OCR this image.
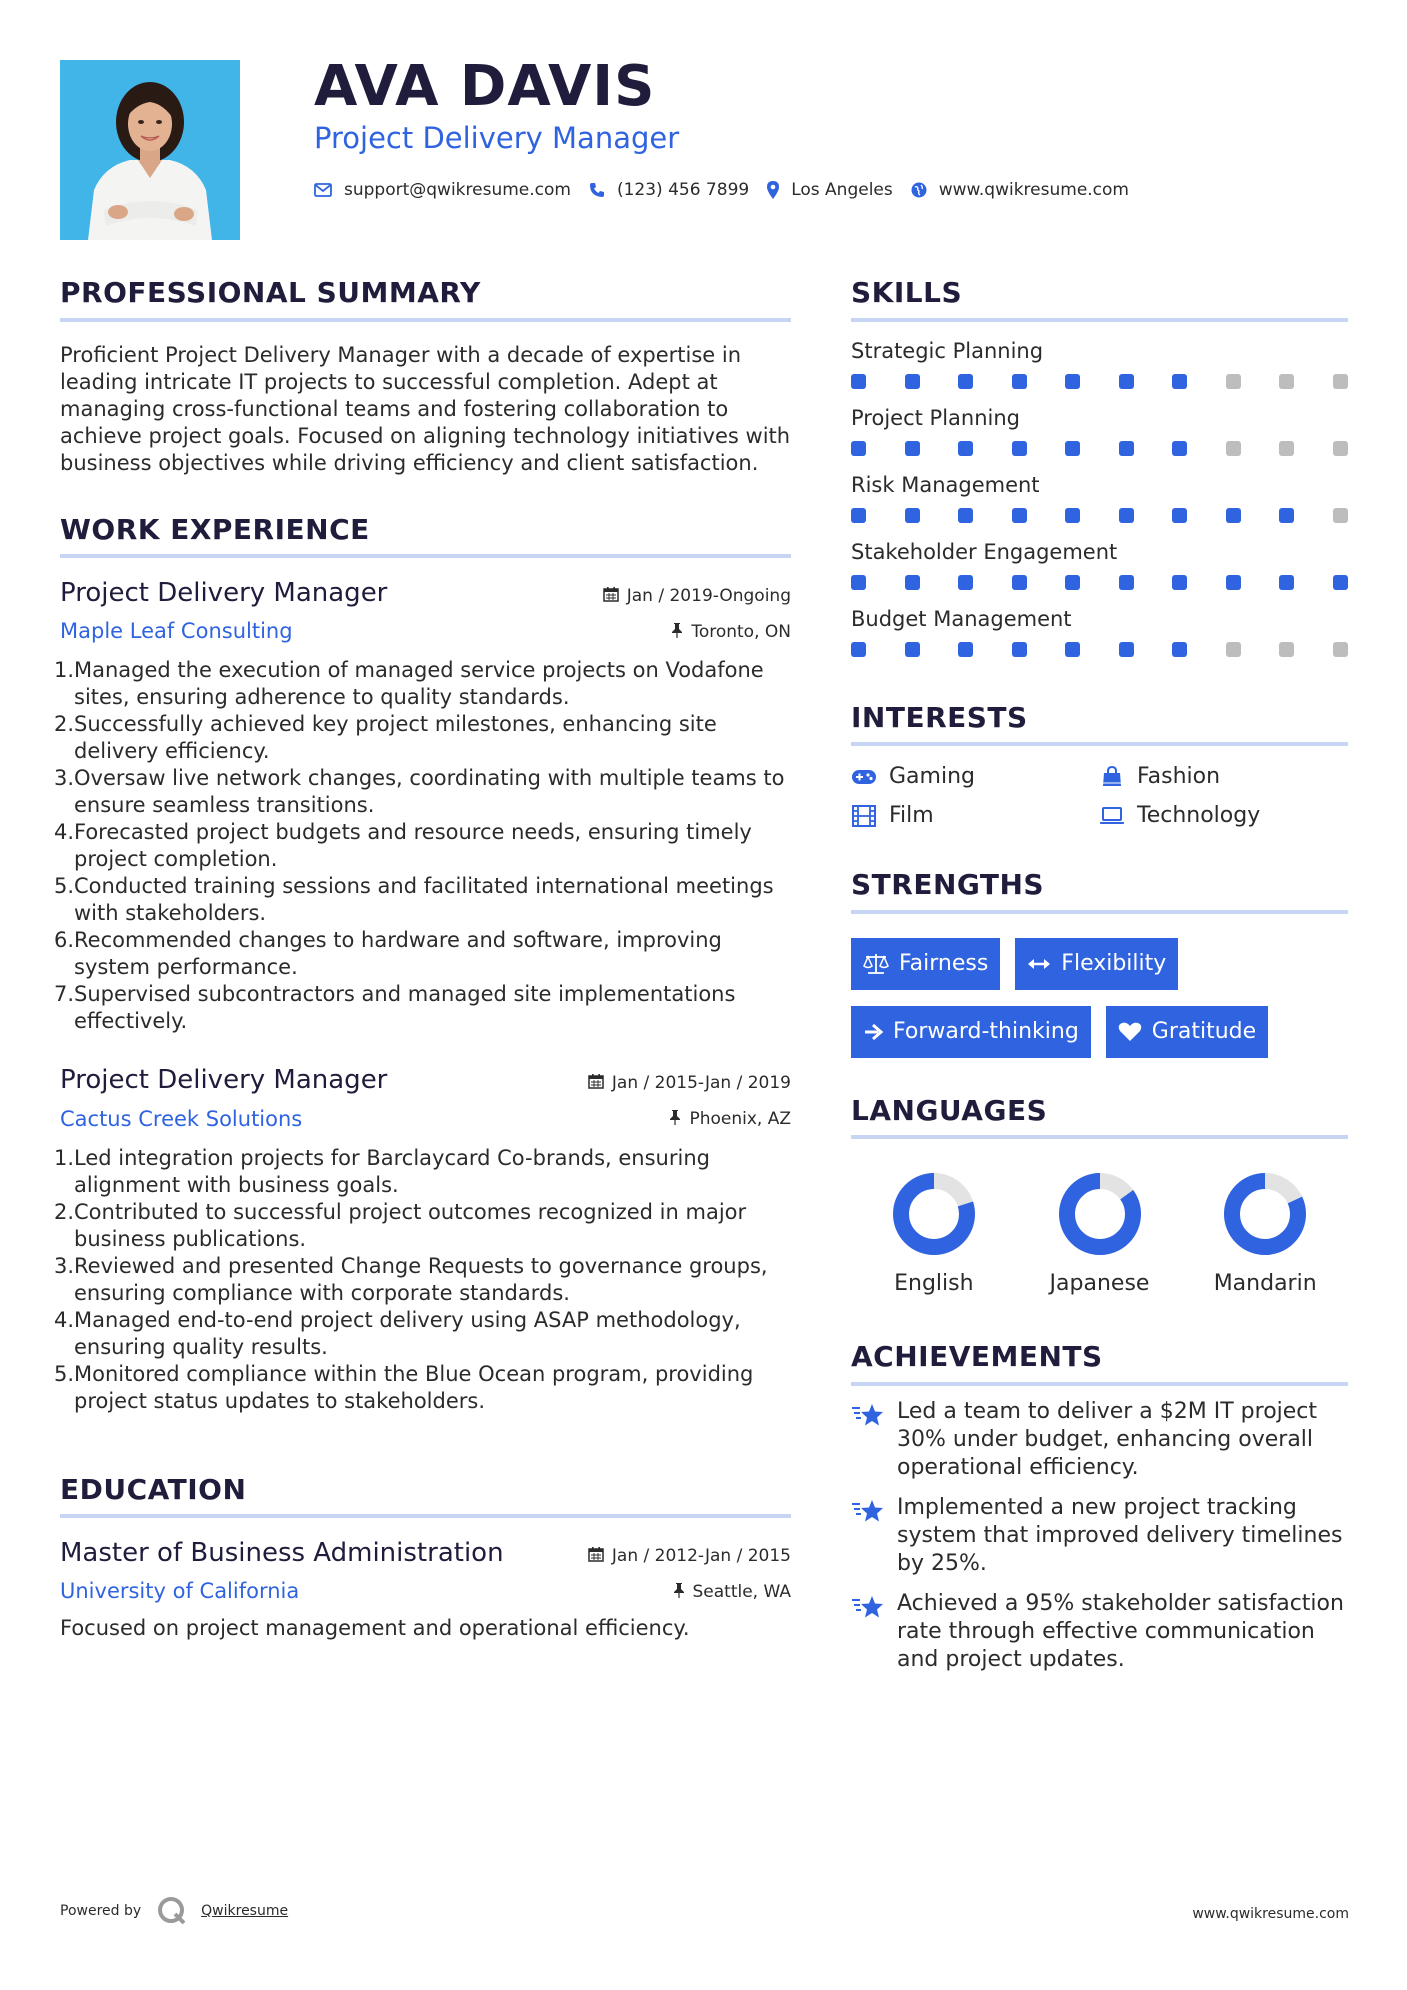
AVA DAVIS
Project Delivery Manager
support@qwikresume.com	(123) 456 7899 Los Angeles	www.qwikresume.com
PROFESSIONAL SUMMARY

Proficient Project Delivery Manager with a decade of expertise in leading intricate IT projects to successful completion. Adept at managing cross-functional teams and fostering collaboration to achieve project goals. Focused on aligning technology initiatives with business objectives while driving efficiency and client satisfaction.

WORK EXPERIENCE
Project Delivery Manager
Maple Leaf Consulting
Jan / 2019-Ongoing
Toronto, ON
1. Managed the execution of managed service projects on Vodafone sites, ensuring adherence to quality standards.
2. Successfully achieved key project milestones, enhancing site delivery efficiency.
3. Oversaw live network changes, coordinating with multiple teams to ensure seamless transitions.
4. Forecasted project budgets and resource needs, ensuring timely project completion.
5. Conducted training sessions and facilitated international meetings with stakeholders.
6. Recommended changes to hardware and software, improving system performance.
7. Supervised subcontractors and managed site implementations effectively.
Project Delivery Manager
Cactus Creek Solutions
Jan / 2015-Jan / 2019
Phoenix, AZ
1. Led integration projects for Barclaycard Co-brands, ensuring alignment with business goals.
2. Contributed to successful project outcomes recognized in major business publications.
3. Reviewed and presented Change Requests to governance groups, ensuring compliance with corporate standards.
4. Managed end-to-end project delivery using ASAP methodology, ensuring quality results.
5. Monitored compliance within the Blue Ocean program, providing project status updates to stakeholders.
EDUCATION
Master of Business Administration
University of California
Jan / 2012-Jan / 2015
Seattle, WA

Focused on project management and operational efficiency.

SKILLS
Strategic Planning
Project Planning
Risk Management
Stakeholder Engagement
Budget Management
INTERESTS
Gaming	Fashion
Film	Technology
STRENGTHS
Fairness	Flexibility
Forward-thinking	Gratitude
LANGUAGES
English	Japanese	Mandarin
ACHIEVEMENTS
Led a team to deliver a $2M IT project 30% under budget, enhancing overall operational efficiency.
Implemented a new project tracking system that improved delivery timelines by 25%.
Achieved a 95% stakeholder satisfaction rate through effective communication and project updates.
Powered by	Qwikresume	www.qwikresume.com
